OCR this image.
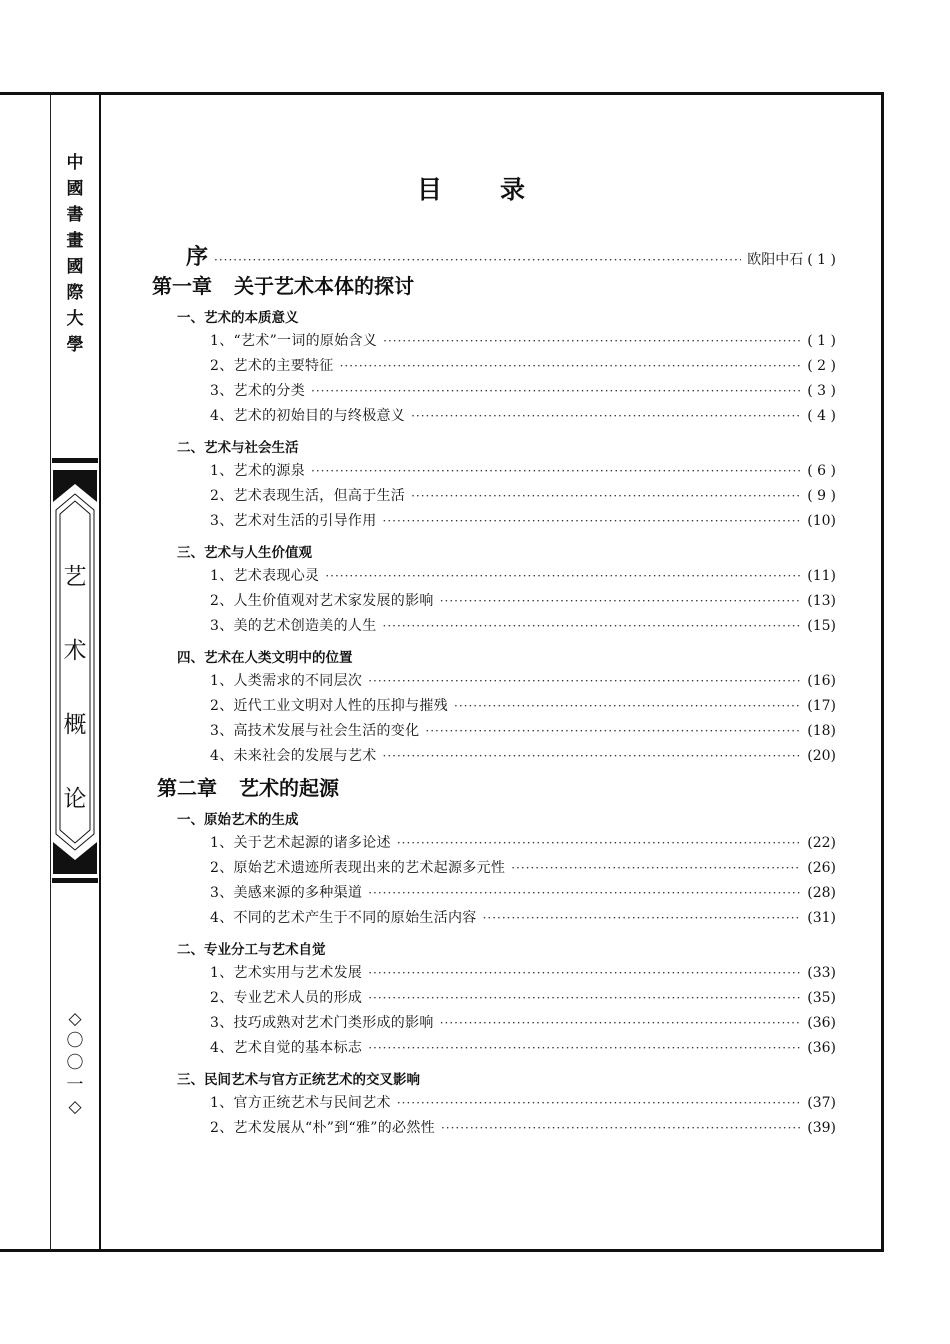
中
國
書
畫
國
際
大
學
艺
术
概
论
◇
〇
〇
一
◇
目录
序 ·····	欧阳中石 ( 1 )
第一章 关于艺术本体的探讨
一、艺术的本质意义
1、“艺术”一词的原始含义 ·····	( 1 )
2、艺术的主要特征 ·····	( 2 )
3、艺术的分类 ·····	( 3 )
4、艺术的初始目的与终极意义 ·····	( 4 )
二、艺术与社会生活
1、艺术的源泉 ·····	( 6 )
2、艺术表现生活，但高于生活 ·····	( 9 )
3、艺术对生活的引导作用 ·····	(10)
三、艺术与人生价值观
1、艺术表现心灵 ·····	(11)
2、人生价值观对艺术家发展的影响 ·····	(13)
3、美的艺术创造美的人生 ·····	(15)
四、艺术在人类文明中的位置
1、人类需求的不同层次 ·····	(16)
2、近代工业文明对人性的压抑与摧残 ·····	(17)
3、高技术发展与社会生活的变化 ·····	(18)
4、未来社会的发展与艺术 ·····	(20)
第二章 艺术的起源
一、原始艺术的生成
1、关于艺术起源的诸多论述 ·····	(22)
2、原始艺术遗迹所表现出来的艺术起源多元性 ·····	(26)
3、美感来源的多种渠道 ·····	(28)
4、不同的艺术产生于不同的原始生活内容 ·····	(31)
二、专业分工与艺术自觉
1、艺术实用与艺术发展 ·····	(33)
2、专业艺术人员的形成 ·····	(35)
3、技巧成熟对艺术门类形成的影响 ·····	(36)
4、艺术自觉的基本标志 ·····	(36)
三、民间艺术与官方正统艺术的交叉影响
1、官方正统艺术与民间艺术 ·····	(37)
2、艺术发展从“朴”到“雅”的必然性 ·····	(39)
